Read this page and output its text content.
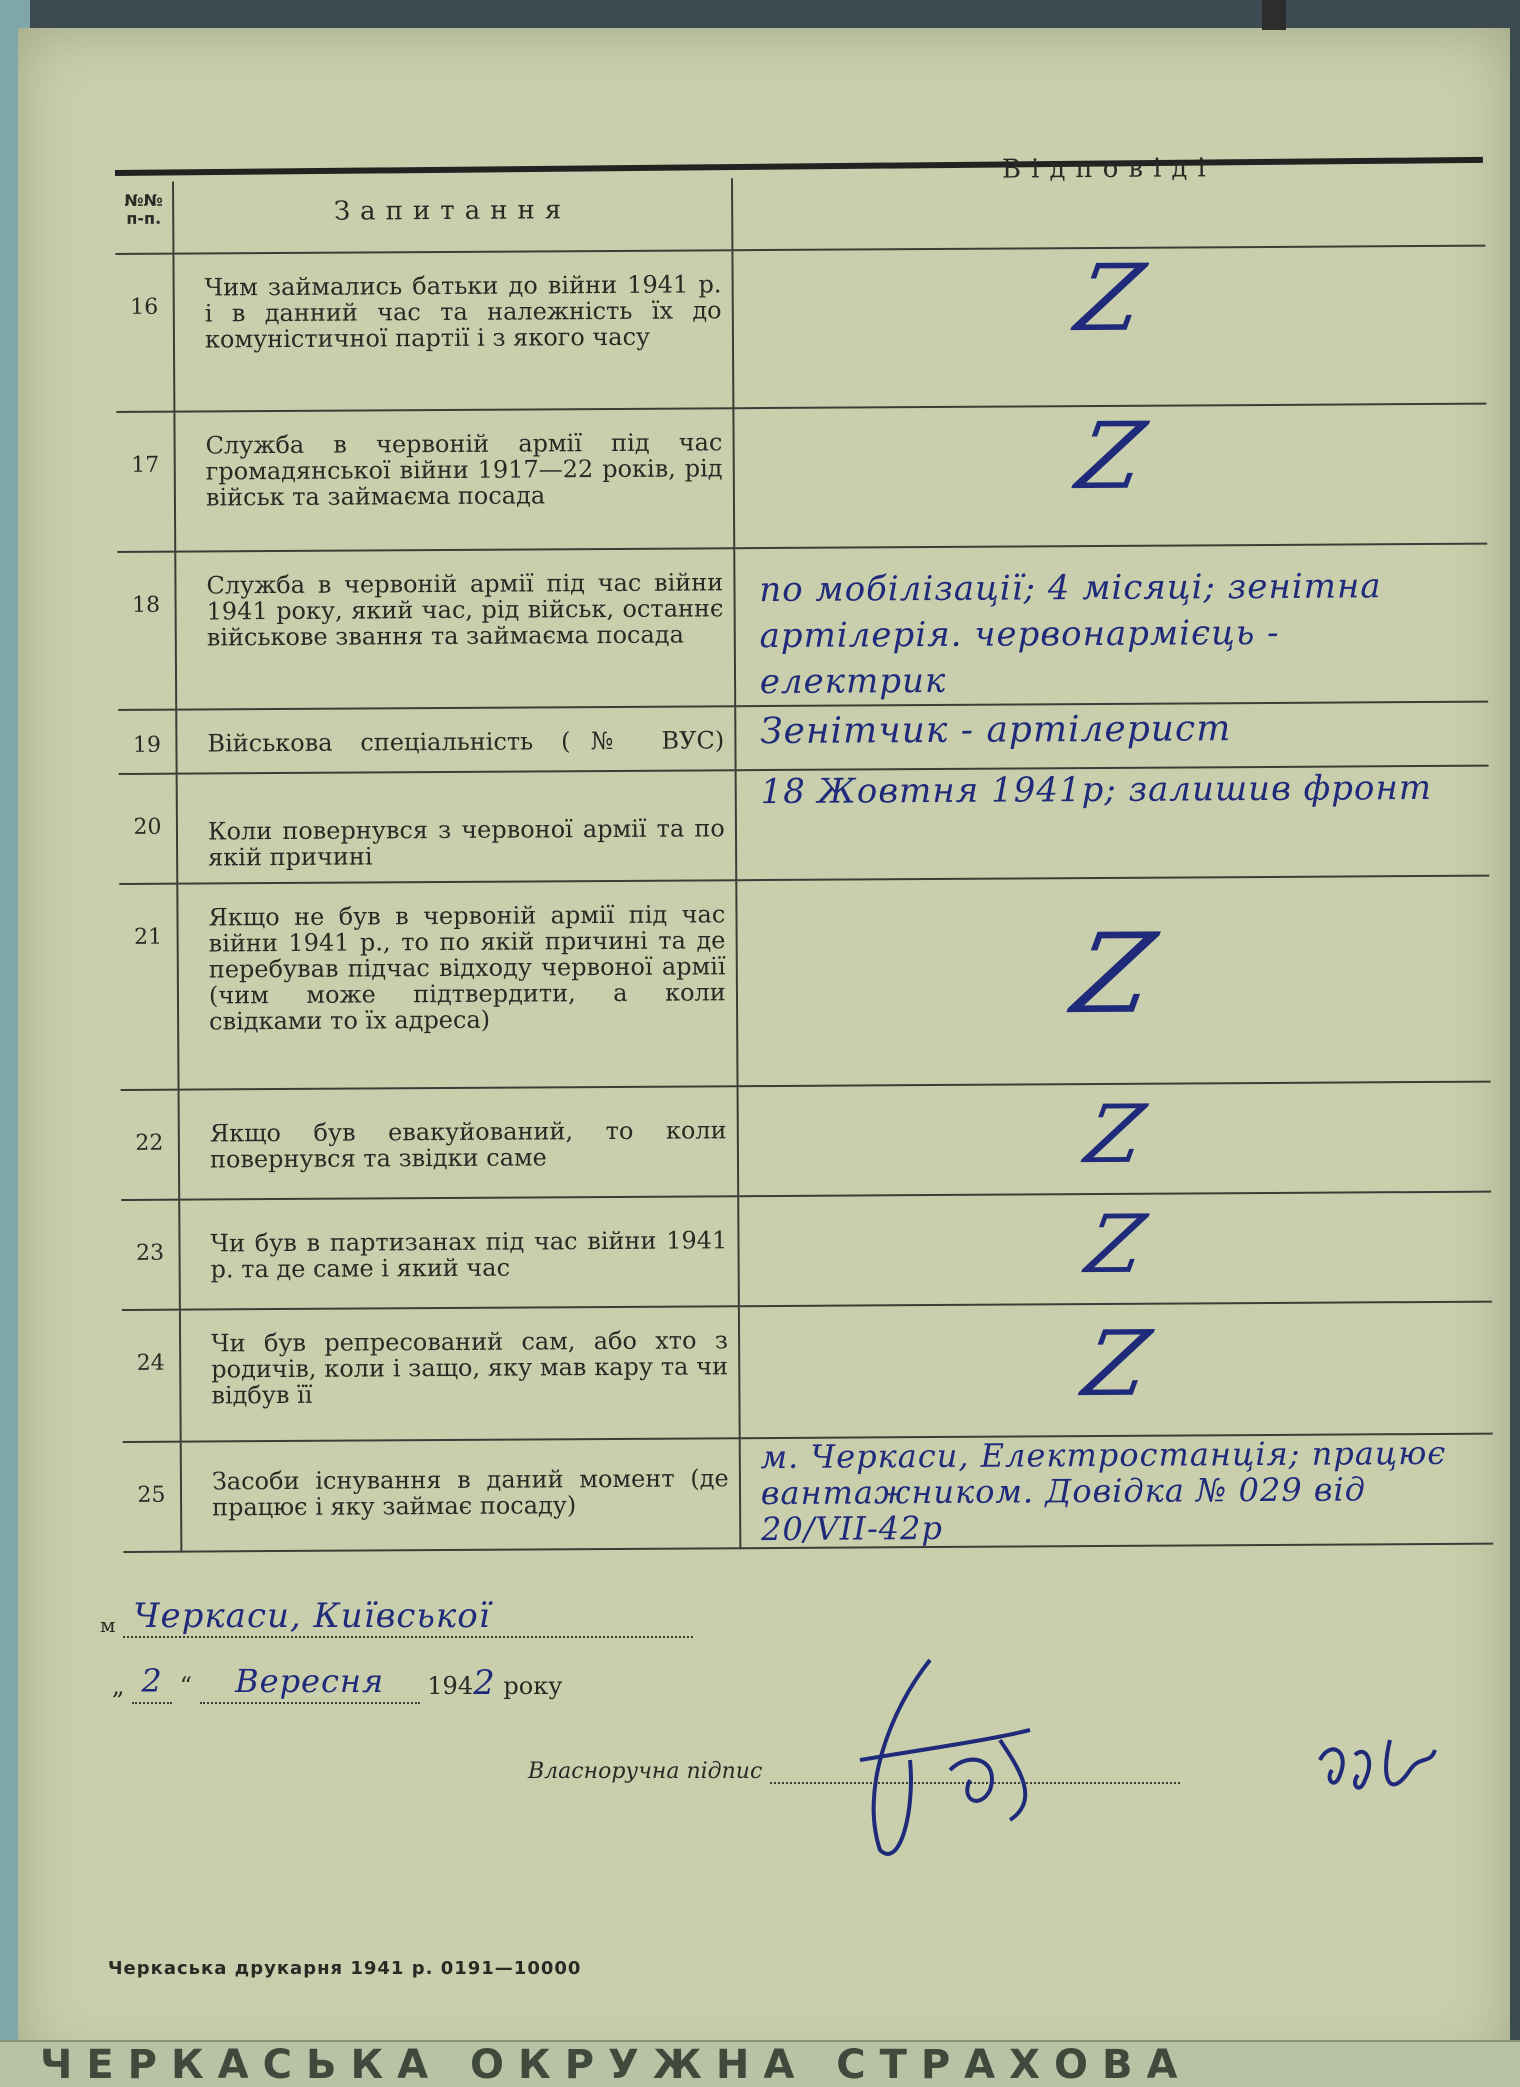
№№ п-п.	Запитання	Відповіді
16	Чим займались батьки до війни 1941 р. і в данний час та належність їх до комуністичної партії і з якого часу	Z

17	Служба в червоній армії під час громадянської війни 1917—22 років, рід військ та займаєма посада	Z

18	Служба в червоній армії під час війни 1941 року, який час, рід військ, останнє військове звання та займаєма посада	по мобілізації; 4 місяці; зенітна артілерія. червонармієць - електрик
19	Військова спеціальність (№ ВУС)	Зенітчик - артілерист
20	Коли повернувся з червоної армії та по якій причині	18 Жовтня 1941р; залишив фронт
21	Якщо не був в червоній армії під час війни 1941 р., то по якій причині та де перебував підчас відходу червоної армії (чим може підтвердити, а коли свідками то їх адреса)	Z

22	Якщо був евакуйований, то коли повернувся та звідки саме	Z

23	Чи був в партизанах під час війни 1941 р. та де саме і який час	Z

24	Чи був репресований сам, або хто з родичів, коли і защо, яку мав кару та чи відбув її	Z

25	Засоби існування в даний момент (де працює і яку займає посаду)	м. Черкаси, Електростанція; працює вантажником. Довідка № 029 від 20/VII-42р
м Черкаси, Київської
„ 2 “ Вересня 1942 року
Власноручна підпис
Черкаська друкарня 1941 р. 0191—10000
ЧЕРКАСЬКА ОКРУЖНА СТРАХОВА
